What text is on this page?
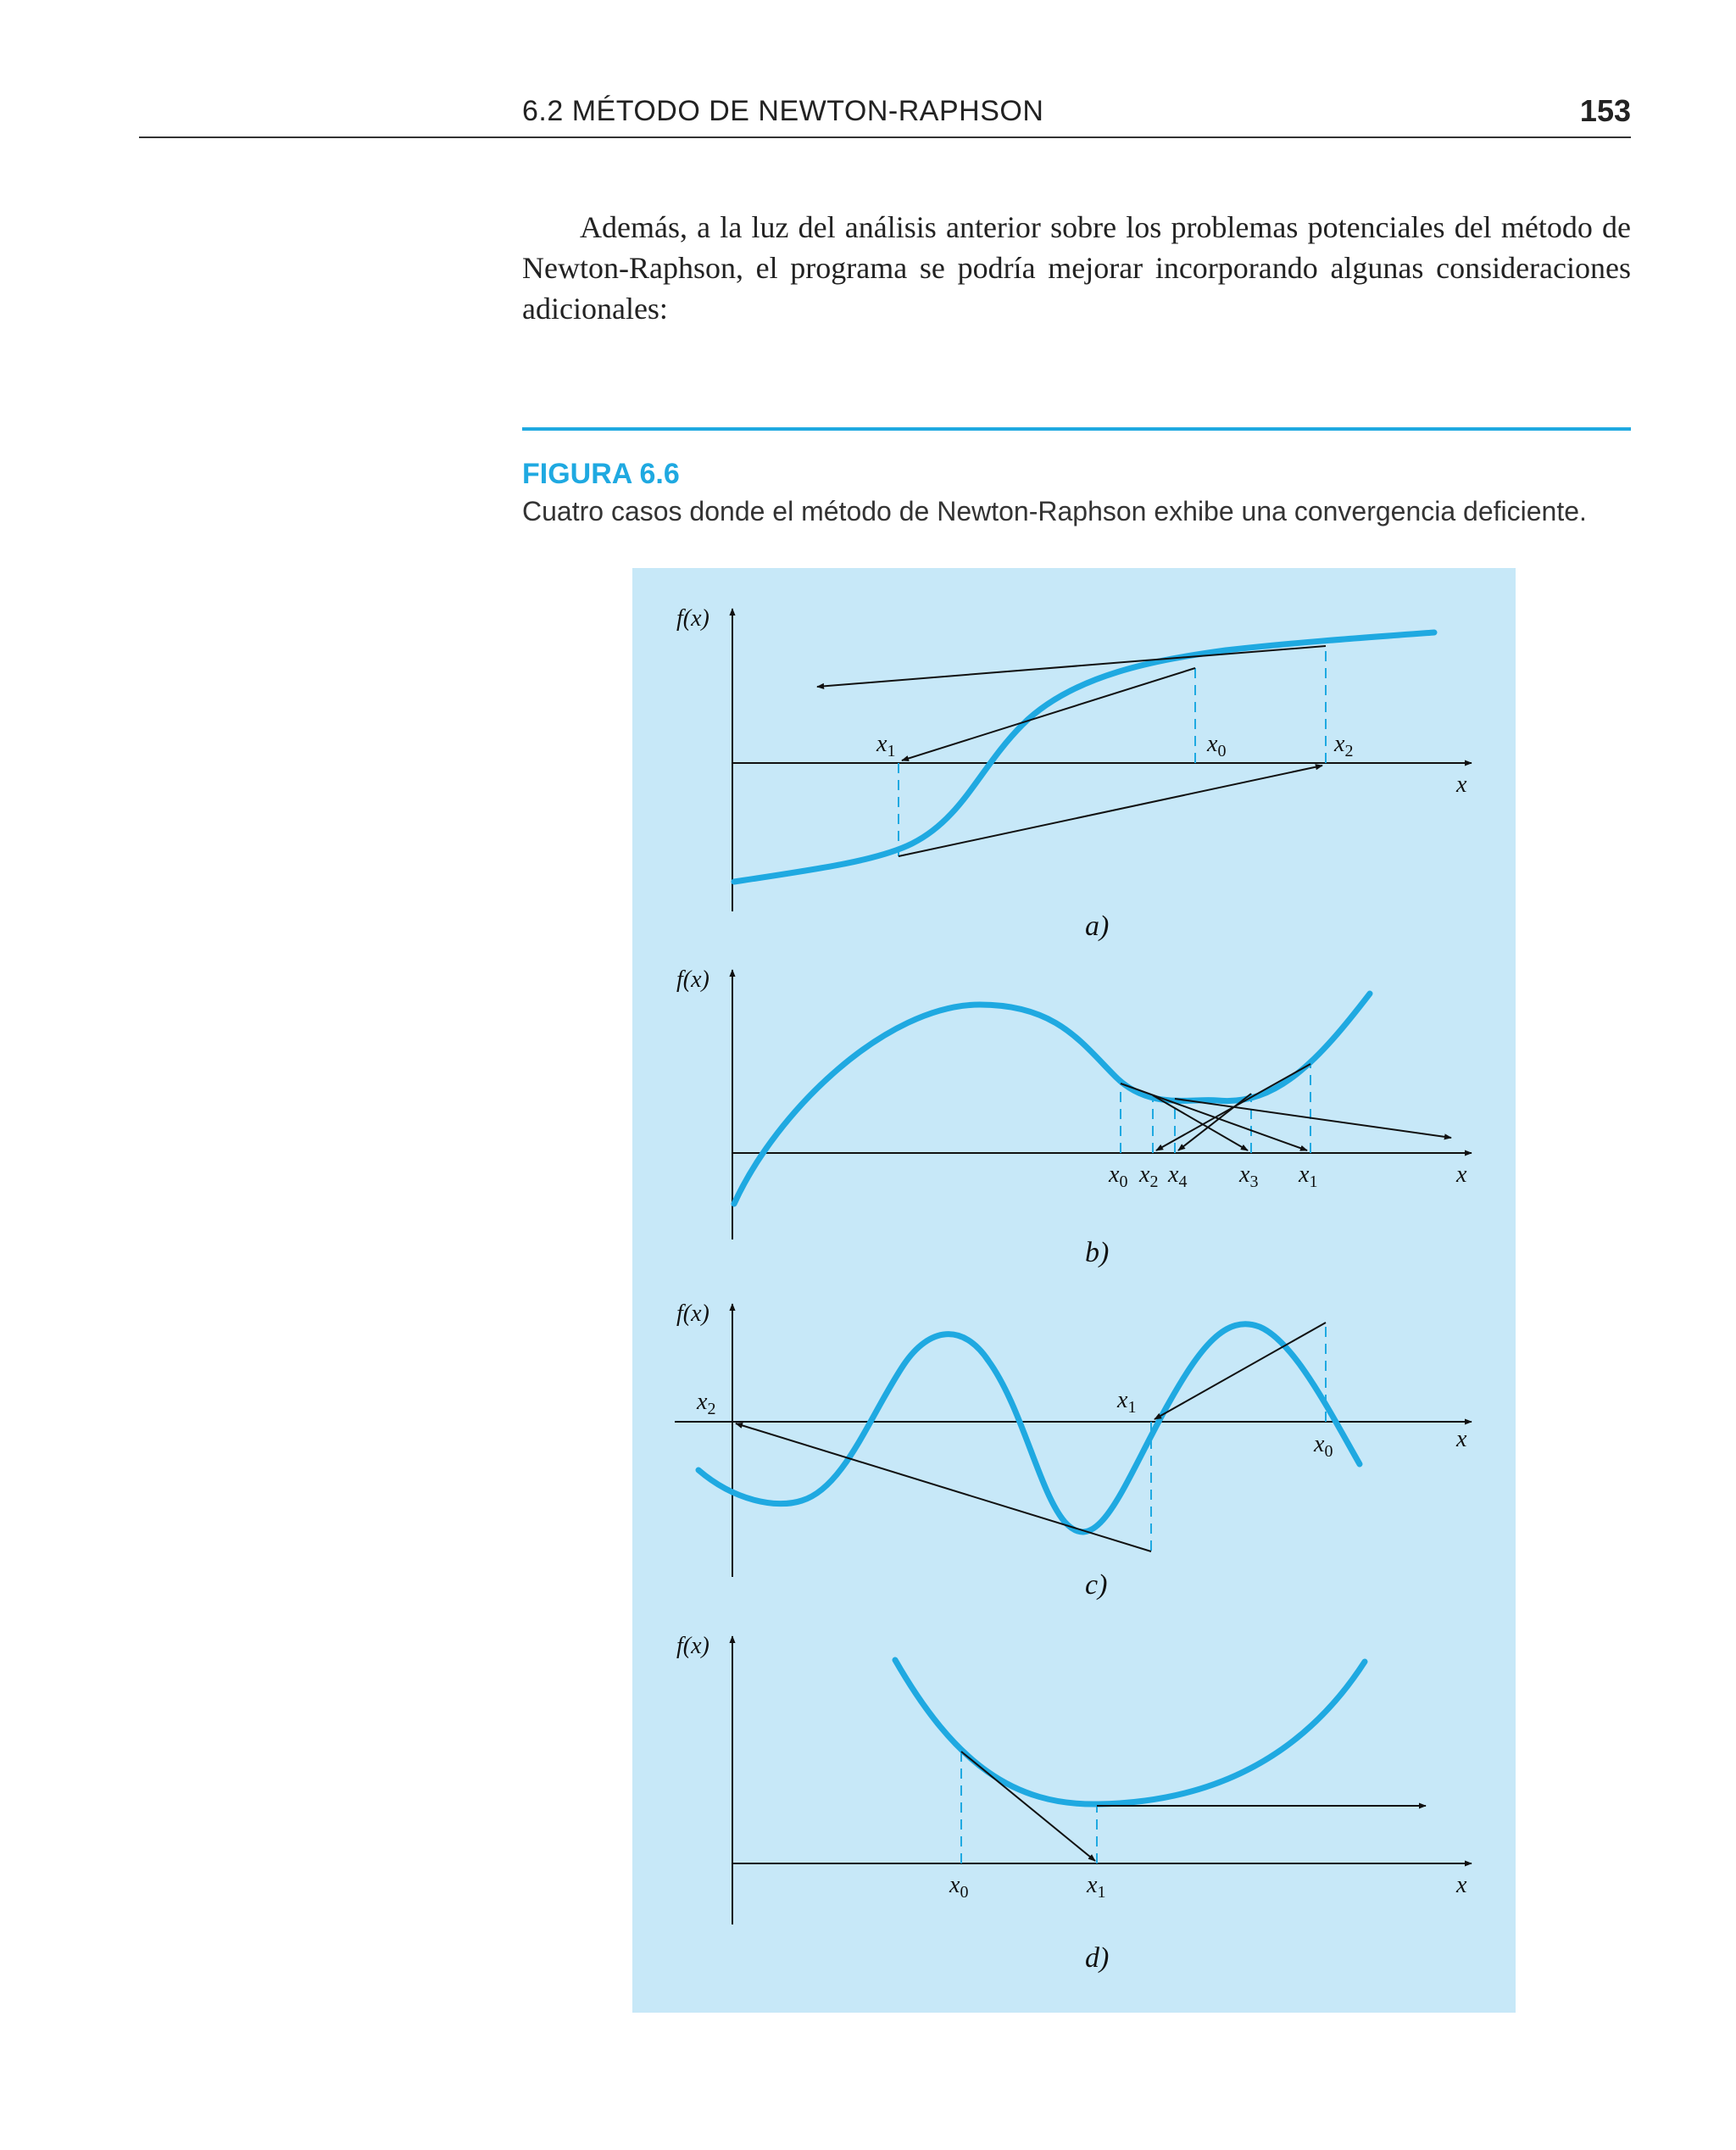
6.2 MÉTODO DE NEWTON-RAPHSON	153

Además, a la luz del análisis anterior sobre los problemas potenciales del método de Newton-Raphson, el programa se podría mejorar incorporando algunas consideraciones adicionales:

FIGURA 6.6
Cuatro casos donde el método de Newton-Raphson exhibe una convergencia deficiente.
f(x)
x
$x_1$	$x_0$	$x_2$
a)
f(x)
x
$x_0$ $x_2$ $x_4$ $x_3$ $x_1$
b)
f(x)
x
$x_2$	$x_1$
$x_0$
c)
f(x)
x
$x_0$	$x_1$
d)
